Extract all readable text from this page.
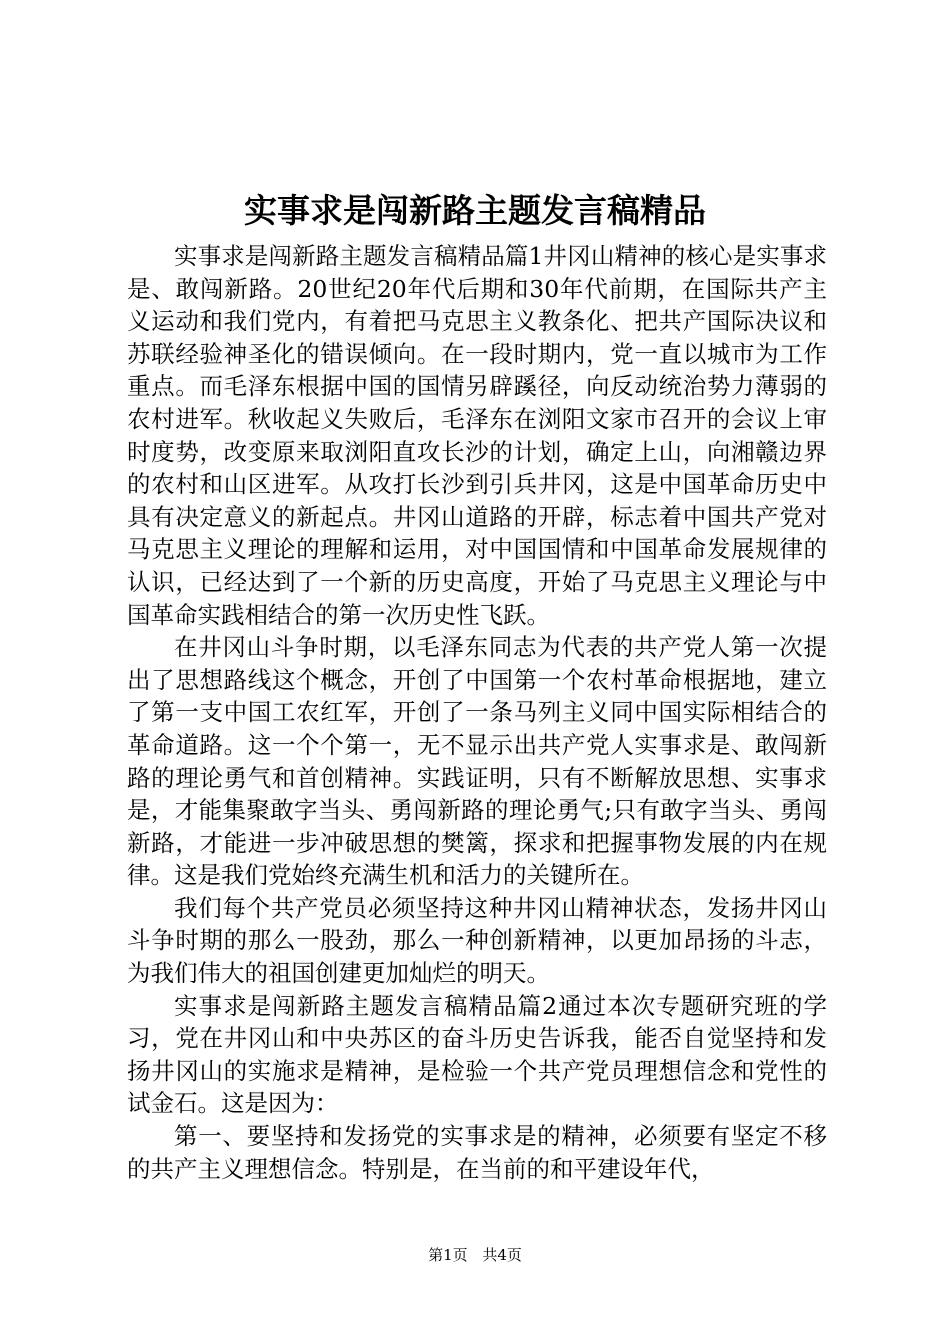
实事求是闯新路主题发言稿精品

实事求是闯新路主题发言稿精品篇1井冈山精神的核心是实事求是、敢闯新路。20世纪20年代后期和30年代前期，在国际共产主义运动和我们党内，有着把马克思主义教条化、把共产国际决议和苏联经验神圣化的错误倾向。在一段时期内，党一直以城市为工作重点。而毛泽东根据中国的国情另辟蹊径，向反动统治势力薄弱的农村进军。秋收起义失败后，毛泽东在浏阳文家市召开的会议上审时度势，改变原来取浏阳直攻长沙的计划，确定上山，向湘赣边界的农村和山区进军。从攻打长沙到引兵井冈，这是中国革命历史中具有决定意义的新起点。井冈山道路的开辟，标志着中国共产党对马克思主义理论的理解和运用，对中国国情和中国革命发展规律的认识，已经达到了一个新的历史高度，开始了马克思主义理论与中国革命实践相结合的第一次历史性飞跃。

在井冈山斗争时期，以毛泽东同志为代表的共产党人第一次提出了思想路线这个概念，开创了中国第一个农村革命根据地，建立了第一支中国工农红军，开创了一条马列主义同中国实际相结合的革命道路。这一个个第一，无不显示出共产党人实事求是、敢闯新路的理论勇气和首创精神。实践证明，只有不断解放思想、实事求是，才能集聚敢字当头、勇闯新路的理论勇气;只有敢字当头、勇闯新路，才能进一步冲破思想的樊篱，探求和把握事物发展的内在规律。这是我们党始终充满生机和活力的关键所在。

我们每个共产党员必须坚持这种井冈山精神状态，发扬井冈山斗争时期的那么一股劲，那么一种创新精神，以更加昂扬的斗志，为我们伟大的祖国创建更加灿烂的明天。

实事求是闯新路主题发言稿精品篇2通过本次专题研究班的学习，党在井冈山和中央苏区的奋斗历史告诉我，能否自觉坚持和发扬井冈山的实施求是精神，是检验一个共产党员理想信念和党性的试金石。这是因为：

第一、要坚持和发扬党的实事求是的精神，必须要有坚定不移的共产主义理想信念。特别是，在当前的和平建设年代，

第1页 共4页
